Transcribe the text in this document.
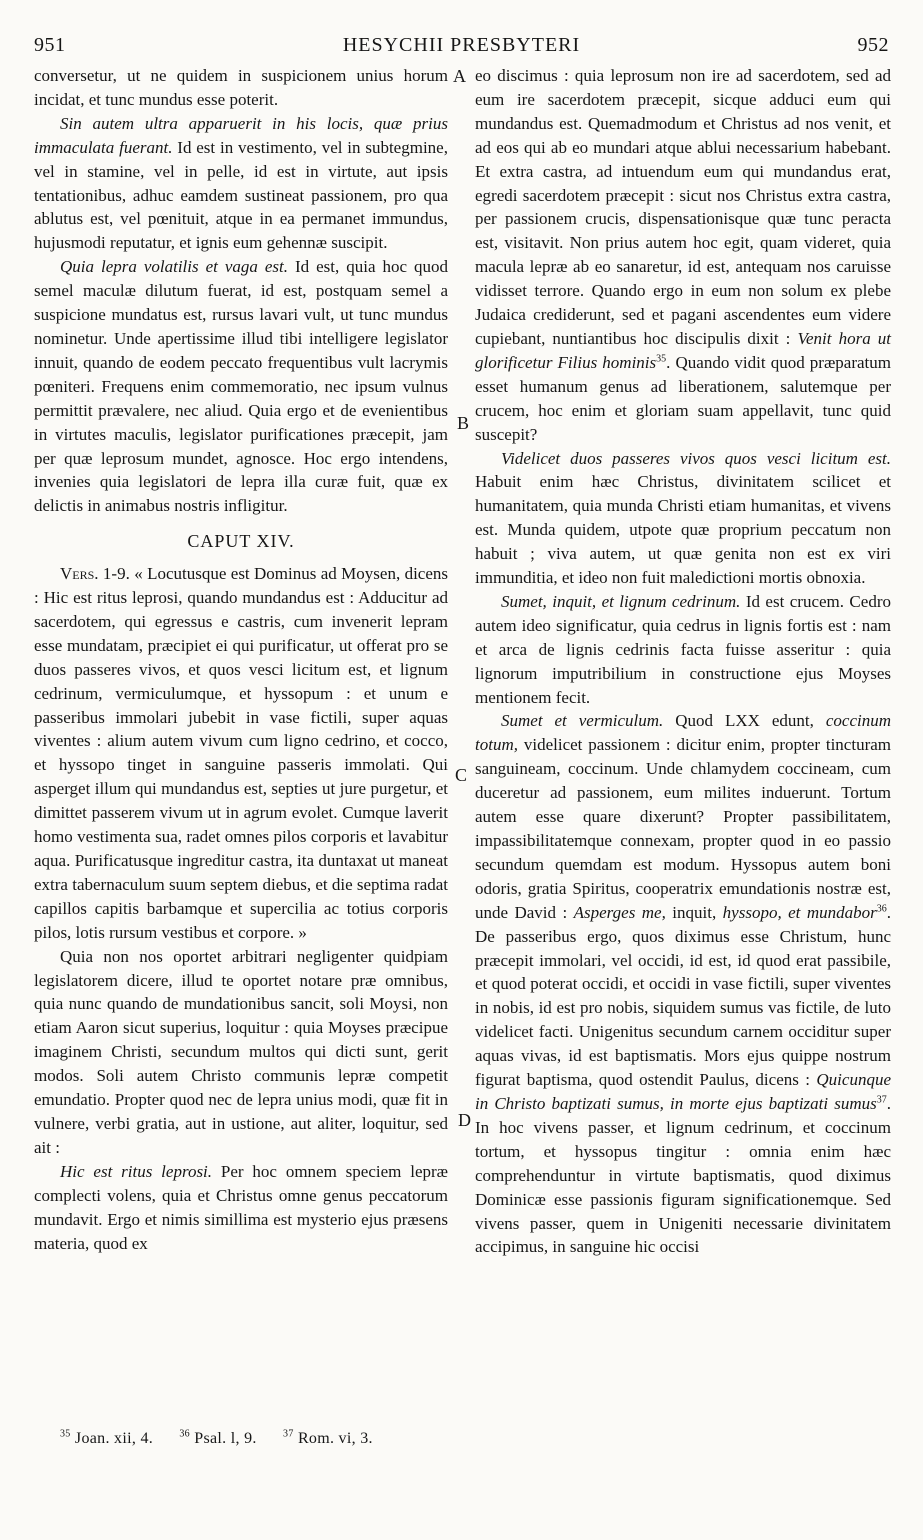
951	HESYCHII PRESBYTERI	952
A
B
C
D

conversetur, ut ne quidem in suspicionem unius horum incidat, et tunc mundus esse poterit.

Sin autem ultra apparuerit in his locis, quæ prius immaculata fuerant. Id est in vestimento, vel in subtegmine, vel in stamine, vel in pelle, id est in virtute, aut ipsis tentationibus, adhuc eamdem sustineat passionem, pro qua ablutus est, vel pœnituit, atque in ea permanet immundus, hujusmodi reputatur, et ignis eum gehennæ suscipit.

Quia lepra volatilis et vaga est. Id est, quia hoc quod semel maculæ dilutum fuerat, id est, postquam semel a suspicione mundatus est, rursus lavari vult, ut tunc mundus nominetur. Unde apertissime illud tibi intelligere legislator innuit, quando de eodem peccato frequentibus vult lacrymis pœniteri. Frequens enim commemoratio, nec ipsum vulnus permittit prævalere, nec aliud. Quia ergo et de evenientibus in virtutes maculis, legislator purificationes præcepit, jam per quæ leprosum mundet, agnosce. Hoc ergo intendens, invenies quia legislatori de lepra illa curæ fuit, quæ ex delictis in animabus nostris infligitur.

CAPUT XIV.

Vers. 1-9. « Locutusque est Dominus ad Moysen, dicens : Hic est ritus leprosi, quando mundandus est : Adducitur ad sacerdotem, qui egressus e castris, cum invenerit lepram esse mundatam, præcipiet ei qui purificatur, ut offerat pro se duos passeres vivos, et quos vesci licitum est, et lignum cedrinum, vermiculumque, et hyssopum : et unum e passeribus immolari jubebit in vase fictili, super aquas viventes : alium autem vivum cum ligno cedrino, et cocco, et hyssopo tinget in sanguine passeris immolati. Qui asperget illum qui mundandus est, septies ut jure purgetur, et dimittet passerem vivum ut in agrum evolet. Cumque laverit homo vestimenta sua, radet omnes pilos corporis et lavabitur aqua. Purificatusque ingreditur castra, ita duntaxat ut maneat extra tabernaculum suum septem diebus, et die septima radat capillos capitis barbamque et supercilia ac totius corporis pilos, lotis rursum vestibus et corpore. »

Quia non nos oportet arbitrari negligenter quidpiam legislatorem dicere, illud te oportet notare præ omnibus, quia nunc quando de mundationibus sancit, soli Moysi, non etiam Aaron sicut superius, loquitur : quia Moyses præcipue imaginem Christi, secundum multos qui dicti sunt, gerit modos. Soli autem Christo communis lepræ competit emundatio. Propter quod nec de lepra unius modi, quæ fit in vulnere, verbi gratia, aut in ustione, aut aliter, loquitur, sed ait :

Hic est ritus leprosi. Per hoc omnem speciem lepræ complecti volens, quia et Christus omne genus peccatorum mundavit. Ergo et nimis simillima est mysterio ejus præsens materia, quod ex

eo discimus : quia leprosum non ire ad sacerdotem, sed ad eum ire sacerdotem præcepit, sicque adduci eum qui mundandus est. Quemadmodum et Christus ad nos venit, et ad eos qui ab eo mundari atque ablui necessarium habebant. Et extra castra, ad intuendum eum qui mundandus erat, egredi sacerdotem præcepit : sicut nos Christus extra castra, per passionem crucis, dispensationisque quæ tunc peracta est, visitavit. Non prius autem hoc egit, quam videret, quia macula lepræ ab eo sanaretur, id est, antequam nos caruisse vidisset terrore. Quando ergo in eum non solum ex plebe Judaica crediderunt, sed et pagani ascendentes eum videre cupiebant, nuntiantibus hoc discipulis dixit : Venit hora ut glorificetur Filius hominis$^{35}$. Quando vidit quod præparatum esset humanum genus ad liberationem, salutemque per crucem, hoc enim et gloriam suam appellavit, tunc quid suscepit?

Videlicet duos passeres vivos quos vesci licitum est. Habuit enim hæc Christus, divinitatem scilicet et humanitatem, quia munda Christi etiam humanitas, et vivens est. Munda quidem, utpote quæ proprium peccatum non habuit ; viva autem, ut quæ genita non est ex viri immunditia, et ideo non fuit maledictioni mortis obnoxia.

Sumet, inquit, et lignum cedrinum. Id est crucem. Cedro autem ideo significatur, quia cedrus in lignis fortis est : nam et arca de lignis cedrinis facta fuisse asseritur : quia lignorum imputribilium in constructione ejus Moyses mentionem fecit.

Sumet et vermiculum. Quod LXX edunt, coccinum totum, videlicet passionem : dicitur enim, propter tincturam sanguineam, coccinum. Unde chlamydem coccineam, cum duceretur ad passionem, eum milites induerunt. Tortum autem esse quare dixerunt? Propter passibilitatem, impassibilitatemque connexam, propter quod in eo passio secundum quemdam est modum. Hyssopus autem boni odoris, gratia Spiritus, cooperatrix emundationis nostræ est, unde David : Asperges me, inquit, hyssopo, et mundabor$^{36}$. De passeribus ergo, quos diximus esse Christum, hunc præcepit immolari, vel occidi, id est, id quod erat passibile, et quod poterat occidi, et occidi in vase fictili, super viventes in nobis, id est pro nobis, siquidem sumus vas fictile, de luto videlicet facti. Unigenitus secundum carnem occiditur super aquas vivas, id est baptismatis. Mors ejus quippe nostrum figurat baptisma, quod ostendit Paulus, dicens : Quicunque in Christo baptizati sumus, in morte ejus baptizati sumus$^{37}$. In hoc vivens passer, et lignum cedrinum, et coccinum tortum, et hyssopus tingitur : omnia enim hæc comprehenduntur in virtute baptismatis, quod diximus Dominicæ esse passionis figuram significationemque. Sed vivens passer, quem in Unigeniti necessarie divinitatem accipimus, in sanguine hic occisi

$^{35}$ Joan. xii, 4.	$^{36}$ Psal. l, 9.	$^{37}$ Rom. vi, 3.
